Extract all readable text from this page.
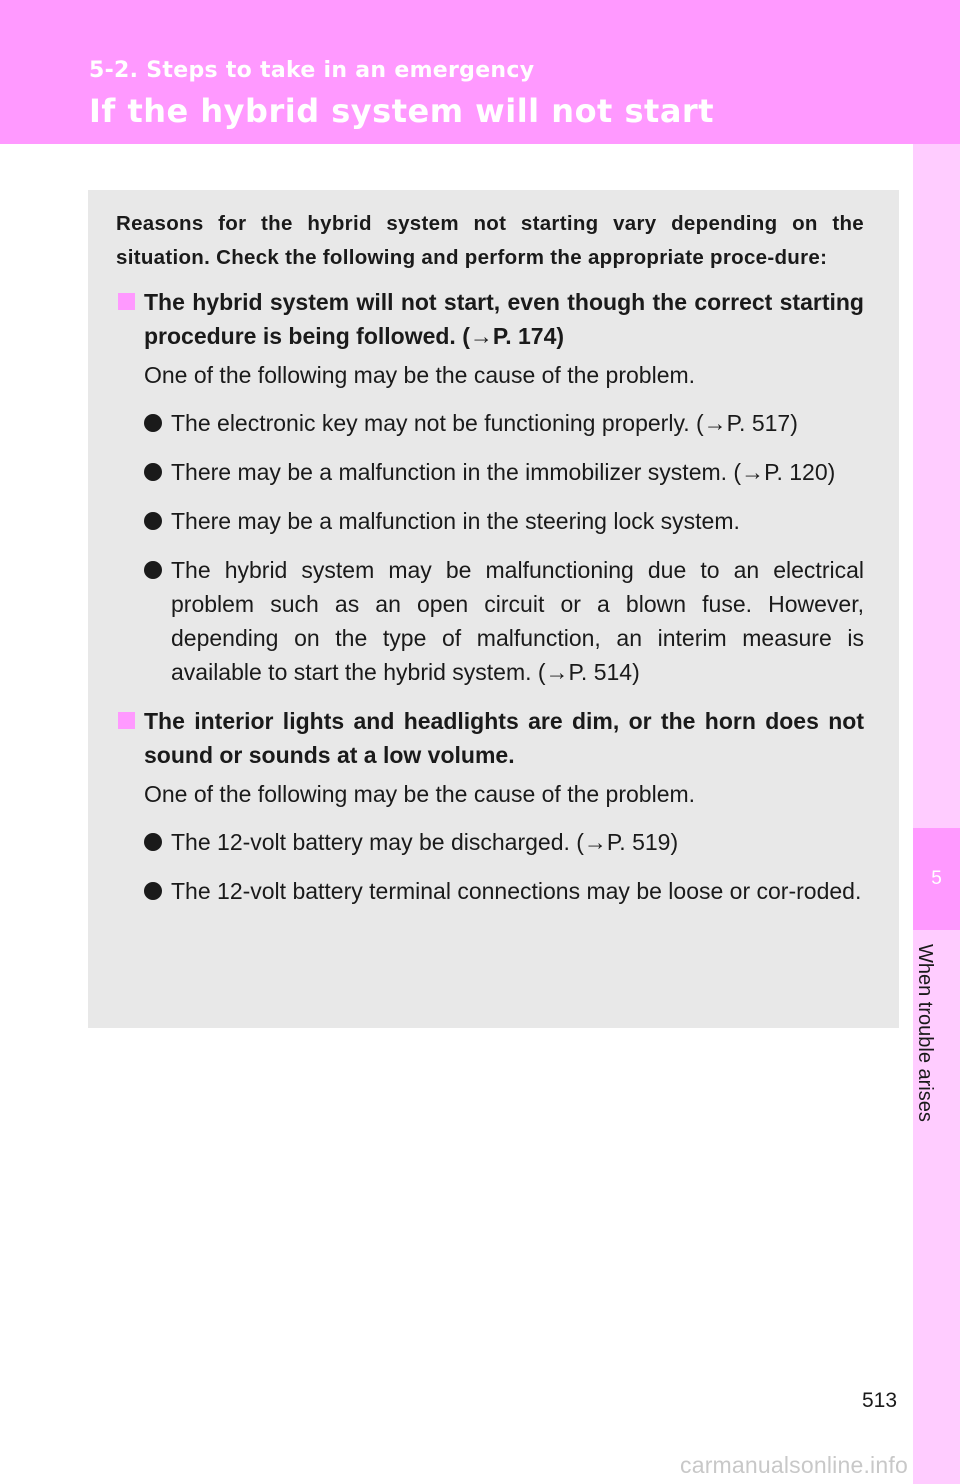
5-2. Steps to take in an emergency
If the hybrid system will not start
5
When trouble arises

Reasons for the hybrid system not starting vary depending on the situation. Check the following and perform the appropriate proce-dure:

The hybrid system will not start, even though the correct starting procedure is being followed. (→P. 174)

One of the following may be the cause of the problem.

The electronic key may not be functioning properly. (→P. 517)
There may be a malfunction in the immobilizer system. (→P. 120)
There may be a malfunction in the steering lock system.
The hybrid system may be malfunctioning due to an electrical problem such as an open circuit or a blown fuse. However, depending on the type of malfunction, an interim measure is available to start the hybrid system. (→P. 514)
The interior lights and headlights are dim, or the horn does not sound or sounds at a low volume.

One of the following may be the cause of the problem.

The 12-volt battery may be discharged. (→P. 519)
The 12-volt battery terminal connections may be loose or cor-roded.
513
carmanualsonline.info
